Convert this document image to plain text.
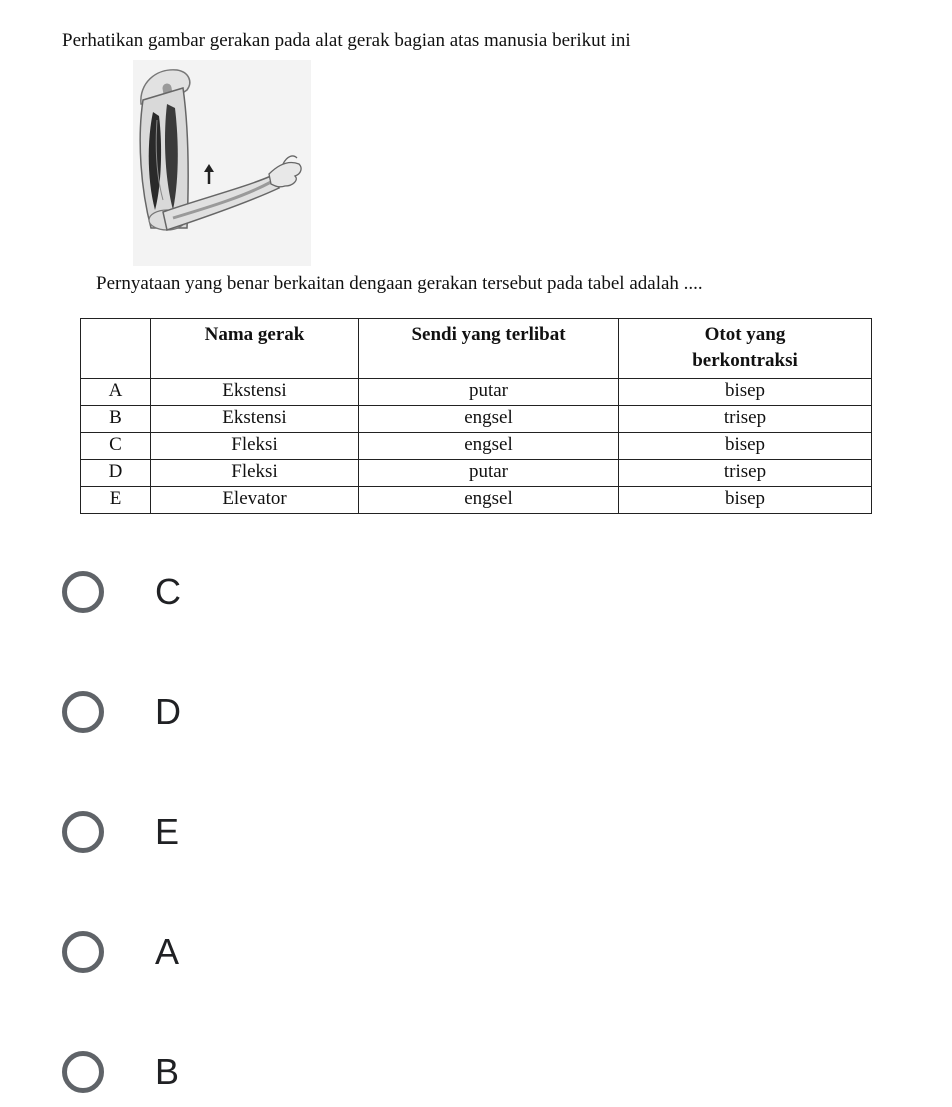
Perhatikan gambar gerakan pada alat gerak bagian atas manusia berikut ini
Pernyataan yang benar berkaitan dengaan gerakan tersebut pada tabel adalah ....
	Nama gerak	Sendi yang terlibat	Otot yang berkontraksi
A	Ekstensi	putar	bisep
B	Ekstensi	engsel	trisep
C	Fleksi	engsel	bisep
D	Fleksi	putar	trisep
E	Elevator	engsel	bisep
C
D
E
A
B
